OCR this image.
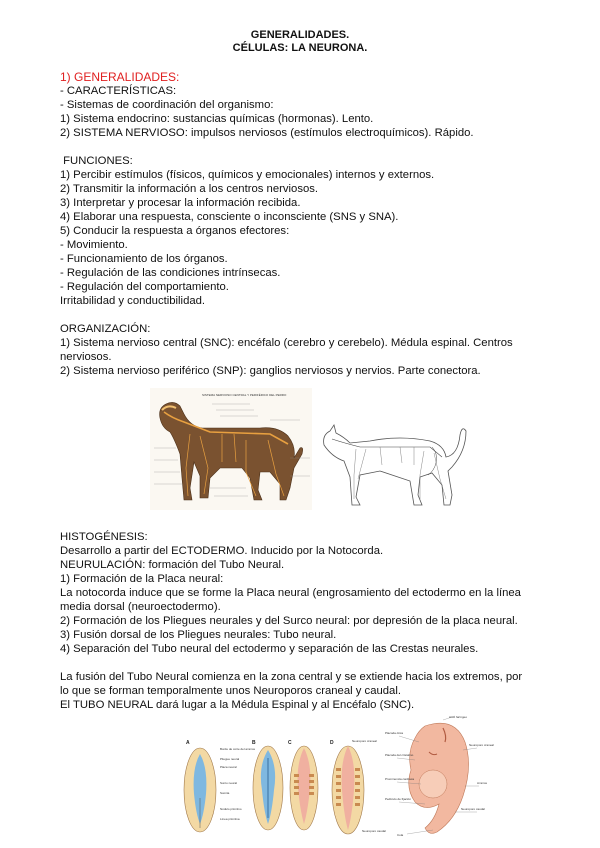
GENERALIDADES.
CÉLULAS: LA NEURONA.
1) GENERALIDADES:
- CARACTERÍSTICAS:
- Sistemas de coordinación del organismo:
1) Sistema endocrino: sustancias químicas (hormonas). Lento.
2) SISTEMA NERVIOSO: impulsos nerviosos (estímulos electroquímicos). Rápido.
FUNCIONES:
1) Percibir estímulos (físicos, químicos y emocionales) internos y externos.
2) Transmitir la información a los centros nerviosos.
3) Interpretar y procesar la información recibida.
4) Elaborar una respuesta, consciente o inconsciente (SNS y SNA).
5) Conducir la respuesta a órganos efectores:
- Movimiento.
- Funcionamiento de los órganos.
- Regulación de las condiciones intrínsecas.
- Regulación del comportamiento.
Irritabilidad y conductibilidad.
ORGANIZACIÓN:
1) Sistema nervioso central (SNC): encéfalo (cerebro y cerebelo). Médula espinal. Centros
nerviosos.
2) Sistema nervioso periférico (SNP): ganglios nerviosos y nervios. Parte conectora.
SISTEMA NERVIOSO CENTRAL Y PERIFÉRICO DEL PERRO
HISTOGÉNESIS:
Desarrollo a partir del ECTODERMO. Inducido por la Notocorda.
NEURULACIÓN: formación del Tubo Neural.
1) Formación de la Placa neural:
La notocorda induce que se forme la Placa neural (engrosamiento del ectodermo en la línea
media dorsal (neuroectodermo).
2) Formación de los Pliegues neurales y del Surco neural: por depresión de la placa neural.
3) Fusión dorsal de los Pliegues neurales: Tubo neural.
4) Separación del Tubo neural del ectodermo y separación de las Crestas neurales.
La fusión del Tubo Neural comienza en la zona central y se extiende hacia los extremos, por
lo que se forman temporalmente unos Neuroporos craneal y caudal.
El TUBO NEURAL dará lugar a la Médula Espinal y al Encéfalo (SNC).
A
Borde de corte del amnios
Pliegue neural
Placa neural
Surco neural
Somita
Nódulo primitivo
Línea primitiva
B	C	D	Neuroporo craneal
Neuroporo caudal
Arco faríngeo
Placoda ótica
Placoda del cristalino
Prominencia cardíaca
Pedículo de fijación
Neuroporo craneal
Amnios
Neuroporo caudal
Cola
